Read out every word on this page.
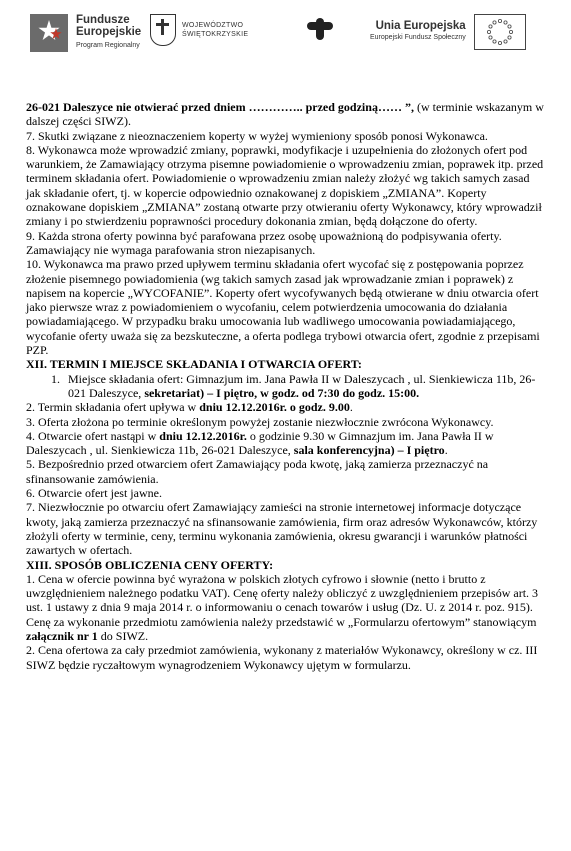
Fundusze
Europejskie
Program Regionalny
WOJEWÓDZTWO
ŚWIĘTOKRZYSKIE
Unia Europejska
Europejski Fundusz Społeczny

26-021 Daleszyce nie otwierać przed dniem ………….. przed godziną…… ”, (w terminie wskazanym w dalszej części SIWZ).

7. Skutki związane z nieoznaczeniem koperty w wyżej wymieniony sposób ponosi Wykonawca.

8. Wykonawca może wprowadzić zmiany, poprawki, modyfikacje i uzupełnienia do złożonych ofert pod warunkiem, że Zamawiający otrzyma pisemne powiadomienie o wprowadzeniu zmian, poprawek itp. przed terminem składania ofert. Powiadomienie o wprowadzeniu zmian należy złożyć wg takich samych zasad jak składanie ofert, tj. w kopercie odpowiednio oznakowanej z dopiskiem „ZMIANA”. Koperty oznakowane dopiskiem „ZMIANA” zostaną otwarte przy otwieraniu oferty Wykonawcy, który wprowadził zmiany i po stwierdzeniu poprawności procedury dokonania zmian, będą dołączone do oferty.

9. Każda strona oferty powinna być parafowana przez osobę upoważnioną do podpisywania oferty. Zamawiający nie wymaga parafowania stron niezapisanych.

10. Wykonawca ma prawo przed upływem terminu składania ofert wycofać się z postępowania poprzez złożenie pisemnego powiadomienia (wg takich samych zasad jak wprowadzanie zmian i poprawek) z napisem na kopercie „WYCOFANIE”. Koperty ofert wycofywanych będą otwierane w dniu otwarcia ofert jako pierwsze wraz z powiadomieniem o wycofaniu, celem potwierdzenia umocowania do działania powiadamiającego. W przypadku braku umocowania lub wadliwego umocowania powiadamiającego, wycofanie oferty uważa się za bezskuteczne, a oferta podlega trybowi otwarcia ofert, zgodnie z przepisami PZP.

XII. TERMIN I MIEJSCE SKŁADANIA I OTWARCIA OFERT:

1. Miejsce składania ofert: Gimnazjum im. Jana Pawła II w Daleszycach , ul. Sienkiewicza 11b, 26-021 Daleszyce, sekretariat) – I piętro, w godz. od 7:30 do godz. 15:00.

2. Termin składania ofert upływa w dniu 12.12.2016r. o godz. 9.00.

3. Oferta złożona po terminie określonym powyżej zostanie niezwłocznie zwrócona Wykonawcy.

4. Otwarcie ofert nastąpi w dniu 12.12.2016r. o godzinie 9.30 w Gimnazjum im. Jana Pawła II w Daleszycach , ul. Sienkiewicza 11b, 26-021 Daleszyce, sala konferencyjna) – I piętro.

5. Bezpośrednio przed otwarciem ofert Zamawiający poda kwotę, jaką zamierza przeznaczyć na sfinansowanie zamówienia.

6. Otwarcie ofert jest jawne.

7. Niezwłocznie po otwarciu ofert Zamawiający zamieści na stronie internetowej informacje dotyczące kwoty, jaką zamierza przeznaczyć na sfinansowanie zamówienia, firm oraz adresów Wykonawców, którzy złożyli oferty w terminie, ceny, terminu wykonania zamówienia, okresu gwarancji i warunków płatności zawartych w ofertach.

XIII. SPOSÓB OBLICZENIA CENY OFERTY:

1. Cena w ofercie powinna być wyrażona w polskich złotych cyfrowo i słownie (netto i brutto z uwzględnieniem należnego podatku VAT). Cenę oferty należy obliczyć z uwzględnieniem przepisów art. 3 ust. 1 ustawy z dnia 9 maja 2014 r. o informowaniu o cenach towarów i usług (Dz. U. z 2014 r. poz. 915). Cenę za wykonanie przedmiotu zamówienia należy przedstawić w „Formularzu ofertowym” stanowiącym załącznik nr 1 do SIWZ.

2. Cena ofertowa za cały przedmiot zamówienia, wykonany z materiałów Wykonawcy, określony w cz. III SIWZ będzie ryczałtowym wynagrodzeniem Wykonawcy ujętym w formularzu.
